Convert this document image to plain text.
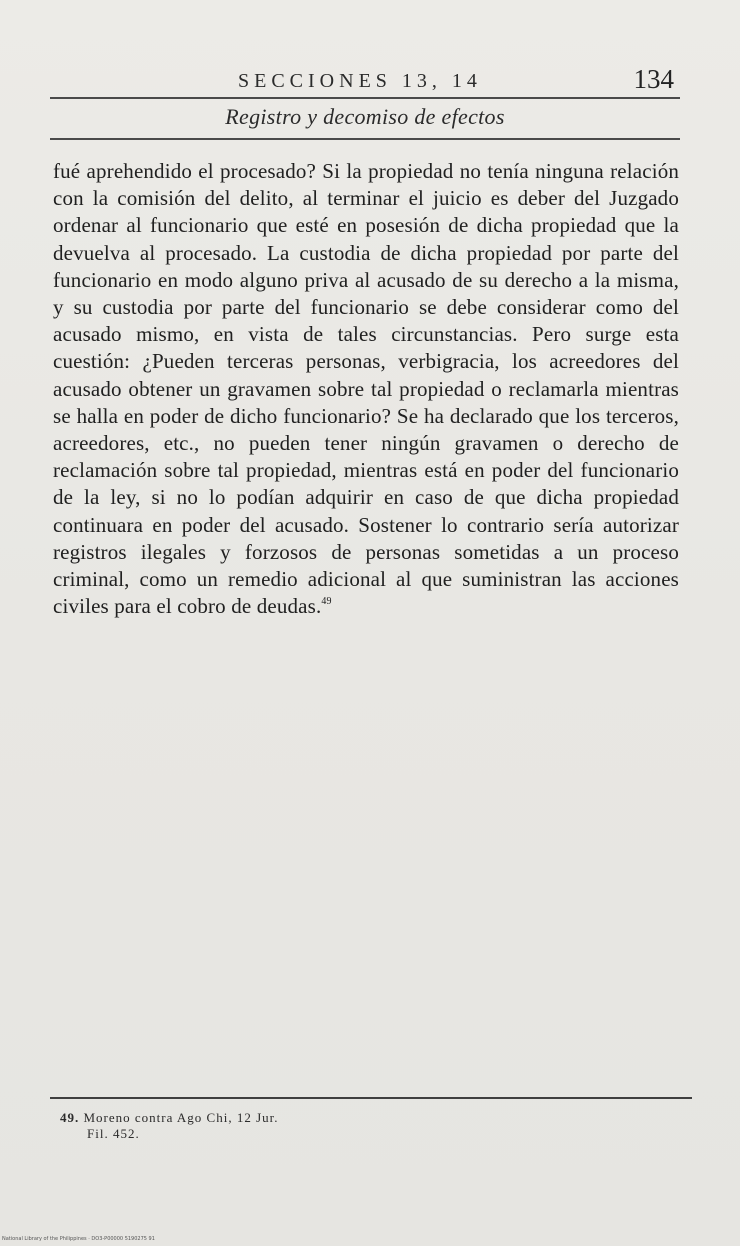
SECCIONES 13, 14	134
Registro y decomiso de efectos
fué aprehendido el procesado? Si la propiedad no tenía ninguna relación con la comisión del delito, al terminar el juicio es deber del Juzgado ordenar al funcionario que esté en posesión de dicha propiedad que la devuelva al procesado. La custodia de dicha propiedad por parte del funcionario en modo alguno priva al acusado de su derecho a la misma, y su custodia por parte del funcionario se debe considerar como del acusado mismo, en vista de tales circunstancias. Pero surge esta cuestión: ¿Pueden terceras personas, verbigracia, los acreedores del acusado obtener un gravamen sobre tal propiedad o reclamarla mientras se halla en poder de dicho funcionario? Se ha declarado que los terceros, acreedores, etc., no pueden tener ningún gravamen o derecho de reclamación sobre tal propiedad, mientras está en poder del funcionario de la ley, si no lo podían adquirir en caso de que dicha propiedad continuara en poder del acusado. Sostener lo contrario sería autorizar registros ilegales y forzosos de personas sometidas a un proceso criminal, como un remedio adicional al que suministran las acciones civiles para el cobro de deudas.$^{49}$
49. Moreno contra Ago Chi, 12 Jur.
Fil. 452.
National Library of the Philippines · DO3-P00000 5190275 91
